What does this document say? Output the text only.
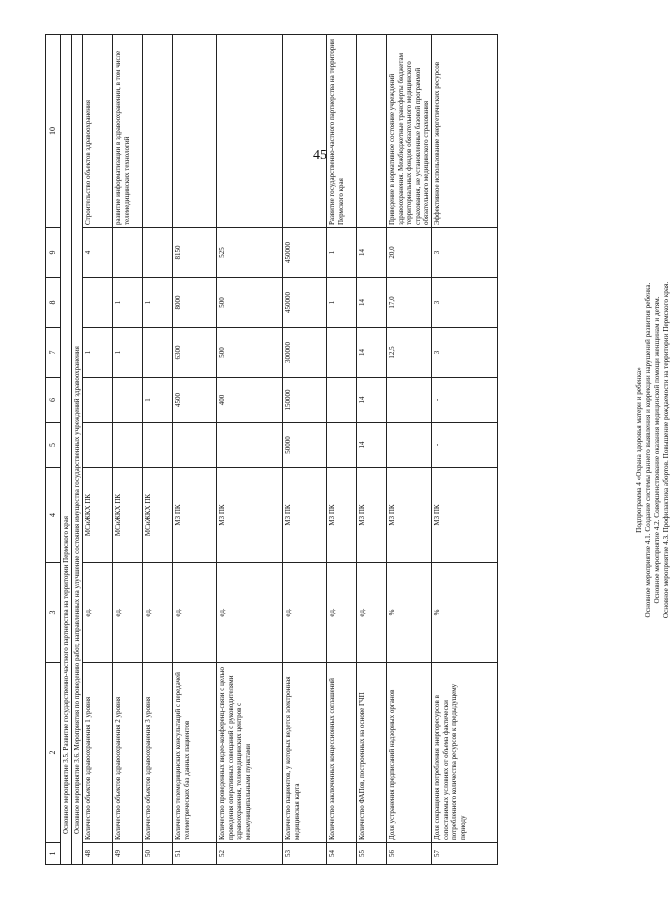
45
1	2	3	4	5	6	7	8	9	10
Основное мероприятие 3.5. Развитие государственно-частного партнерства на территории Пермского края									
Основное мероприятие 3.6. Мероприятия по проведению работ, направленных на улучшение состояния имущества государственных учреждений здравоохранения									
48	Количество объектов здравоохранения 1 уровня	ед.	МСиЖКХ ПК			1		4	Строительство объектов здравоохранения
49	Количество объектов здравоохранения 2 уровня	ед.	МСиЖКХ ПК			1	1		развитие информатизации в здравоохранении, в том числе телемедицинских технологий
50	Количество объектов здравоохранения 3 уровня	ед.	МСиЖКХ ПК		1		1		
51	Количество телемедицинских консультаций с передачей телеметрических баз данных пациентов	ед.	МЗ ПК		4500	6300	8000	8150	
52	Количество проведенных видео-конференц-связи с целью проведения оперативных совещаний с руководителями здравоохранения, телемедицинских центров с межмуниципальными пунктами	ед.	МЗ ПК		400	500	500	525	
53	Количество пациентов, у которых ведется электронная медицинская карта	ед.	МЗ ПК	50000	150000	300000	450000	450000	
54	Количество заключенных концессионных соглашений	ед.	МЗ ПК				1	1	Развитие государственно-частного партнерства на территории Пермского края
55	Количество ФАПов, построенных на основе ГЧП	ед.	МЗ ПК	14	14	14	14	14	
56	Доля устранения предписаний надзорных органов	%	МЗ ПК			12,5	17,0	20,0	Приведение в нормативное состояние учреждений здравоохранения. Межбюджетные трансферты бюджетам территориальных фондов обязательного медицинского страхования, не установленные базовой программой обязательного медицинского страхования
57	Доля сокращения потребления энергоресурсов в сопоставимых условиях от объема фактически потребленного количества ресурсов к предыдущему периоду	%	МЗ ПК	-	-	3	3	3	Эффективное использование энергетических ресурсов
Подпрограмма 4 «Охрана здоровья матери и ребенка» Основное мероприятие 4.1. Создание системы раннего выявления и коррекции нарушений развития ребенка. Основное мероприятие 4.2. Совершенствование оказания медицинской помощи женщинам и детям. Основное мероприятие 4.3. Профилактика абортов. Повышение рождаемости на территории Пермского края.
